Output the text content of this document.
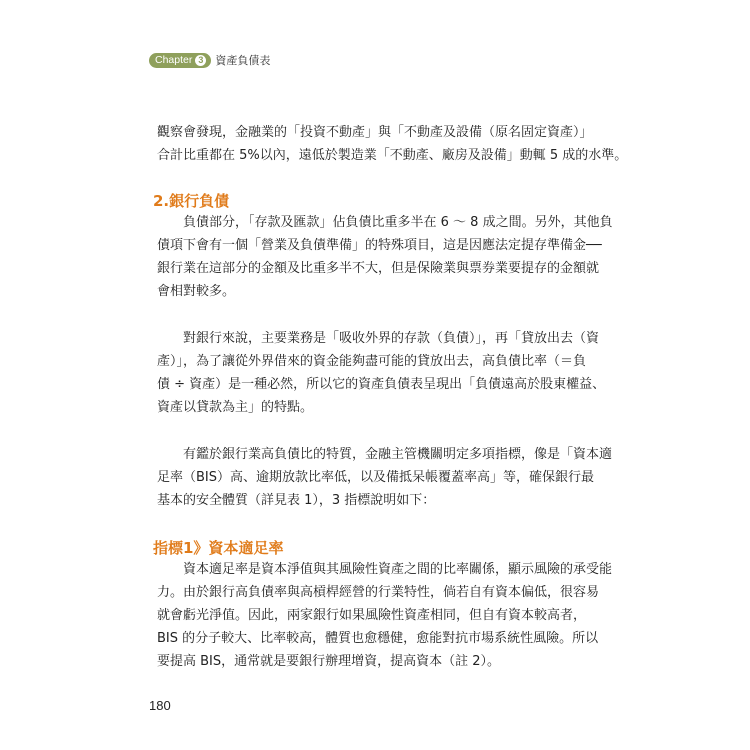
Chapter 3 資產負債表
觀察會發現，金融業的「投資不動產」與「不動產及設備（原名固定資產）」
合計比重都在 5%以內，遠低於製造業「不動產、廠房及設備」動輒 5 成的水準。
2.銀行負債
負債部分，「存款及匯款」佔負債比重多半在 6 ～ 8 成之間。另外，其他負
債項下會有一個「營業及負債準備」的特殊項目，這是因應法定提存準備金──
銀行業在這部分的金額及比重多半不大，但是保險業與票券業要提存的金額就
會相對較多。
對銀行來說，主要業務是「吸收外界的存款（負債）」，再「貸放出去（資
產）」，為了讓從外界借來的資金能夠盡可能的貸放出去，高負債比率（＝負
債 ÷ 資產）是一種必然，所以它的資產負債表呈現出「負債遠高於股東權益、
資產以貸款為主」的特點。
有鑑於銀行業高負債比的特質，金融主管機關明定多項指標，像是「資本適
足率（BIS）高、逾期放款比率低，以及備抵呆帳覆蓋率高」等，確保銀行最
基本的安全體質（詳見表 1），3 指標說明如下：
指標1》資本適足率
資本適足率是資本淨值與其風險性資產之間的比率關係，顯示風險的承受能
力。由於銀行高負債率與高槓桿經營的行業特性，倘若自有資本偏低，很容易
就會虧光淨值。因此，兩家銀行如果風險性資產相同，但自有資本較高者，
BIS 的分子較大、比率較高，體質也愈穩健，愈能對抗市場系統性風險。所以
要提高 BIS，通常就是要銀行辦理增資，提高資本（註 2）。
180
